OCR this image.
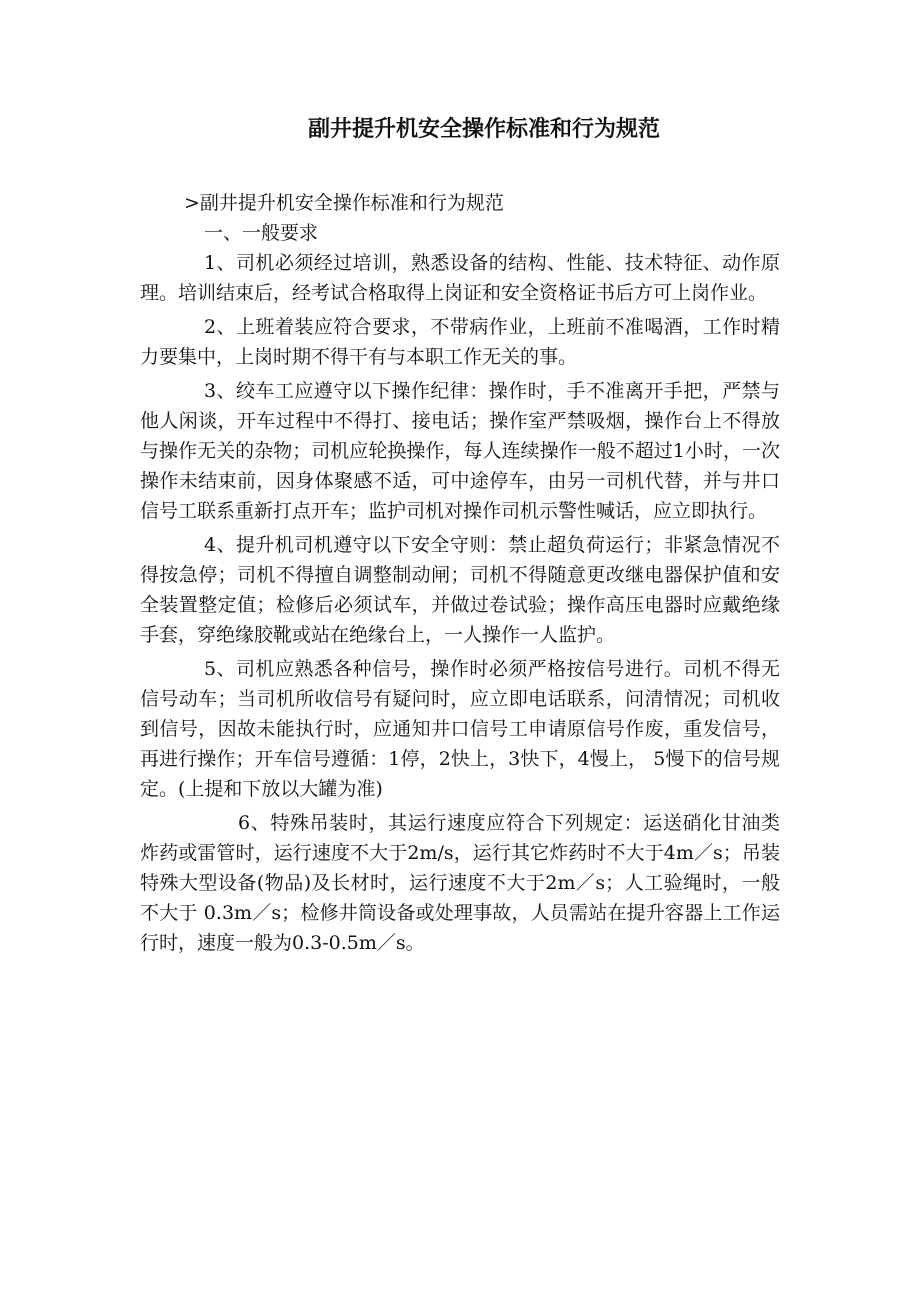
副井提升机安全操作标准和行为规范

>副井提升机安全操作标准和行为规范

一、一般要求

1、司机必须经过培训，熟悉设备的结构、性能、技术特征、动作原理。培训结束后，经考试合格取得上岗证和安全资格证书后方可上岗作业。

2、上班着装应符合要求，不带病作业，上班前不准喝酒，工作时精力要集中，上岗时期不得干有与本职工作无关的事。

3、绞车工应遵守以下操作纪律：操作时，手不准离开手把，严禁与他人闲谈，开车过程中不得打、接电话；操作室严禁吸烟，操作台上不得放与操作无关的杂物；司机应轮换操作，每人连续操作一般不超过1小时，一次操作未结束前，因身体聚感不适，可中途停车，由另一司机代替，并与井口信号工联系重新打点开车；监护司机对操作司机示警性喊话，应立即执行。

4、提升机司机遵守以下安全守则：禁止超负荷运行；非紧急情况不得按急停；司机不得擅自调整制动闸；司机不得随意更改继电器保护值和安全装置整定值；检修后必须试车，并做过卷试验；操作高压电器时应戴绝缘手套，穿绝缘胶靴或站在绝缘台上，一人操作一人监护。

5、司机应熟悉各种信号，操作时必须严格按信号进行。司机不得无信号动车；当司机所收信号有疑问时，应立即电话联系，问清情况；司机收到信号，因故未能执行时，应通知井口信号工申请原信号作废，重发信号，再进行操作；开车信号遵循：1停，2快上，3快下，4慢上， 5慢下的信号规定。(上提和下放以大罐为准)

6、特殊吊装时，其运行速度应符合下列规定：运送硝化甘油类炸药或雷管时，运行速度不大于2m/s，运行其它炸药时不大于4m／s；吊装特殊大型设备(物品)及长材时，运行速度不大于2m／s；人工验绳时，一般不大于 0.3m／s；检修井筒设备或处理事故，人员需站在提升容器上工作运行时，速度一般为0.3-0.5m／s。
